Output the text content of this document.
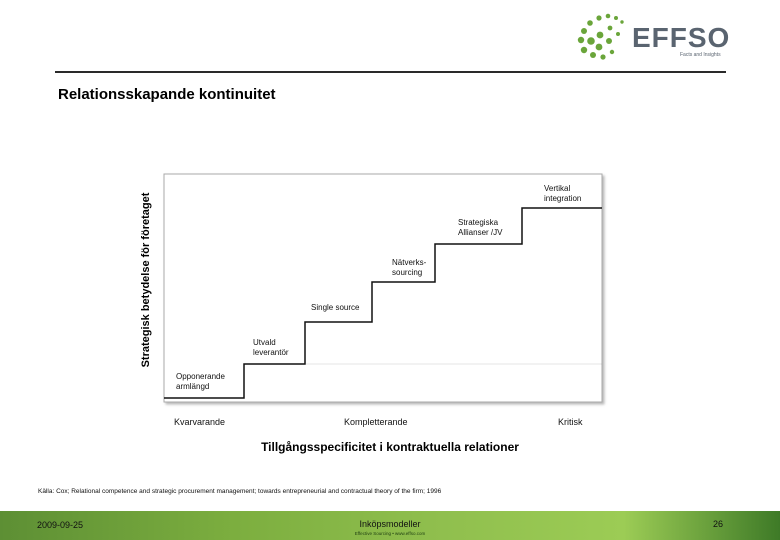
EFFSO
Facts and Insights
Relationsskapande kontinuitet
Strategisk betydelse för företaget
Opponerande
armlängd
Utvald
leverantör
Single source
Nätverks-
sourcing
Strategiska
Allianser /JV
Vertikal
integration
Kvarvarande	Kompletterande	Kritisk
Tillgångsspecificitet i kontraktuella relationer
Källa: Cox; Relational competence and strategic procurement management; towards entrepreneurial and contractual theory of the firm; 1996
2009-09-25	Inköpsmodeller
Effective Sourcing • www.effso.com
26
